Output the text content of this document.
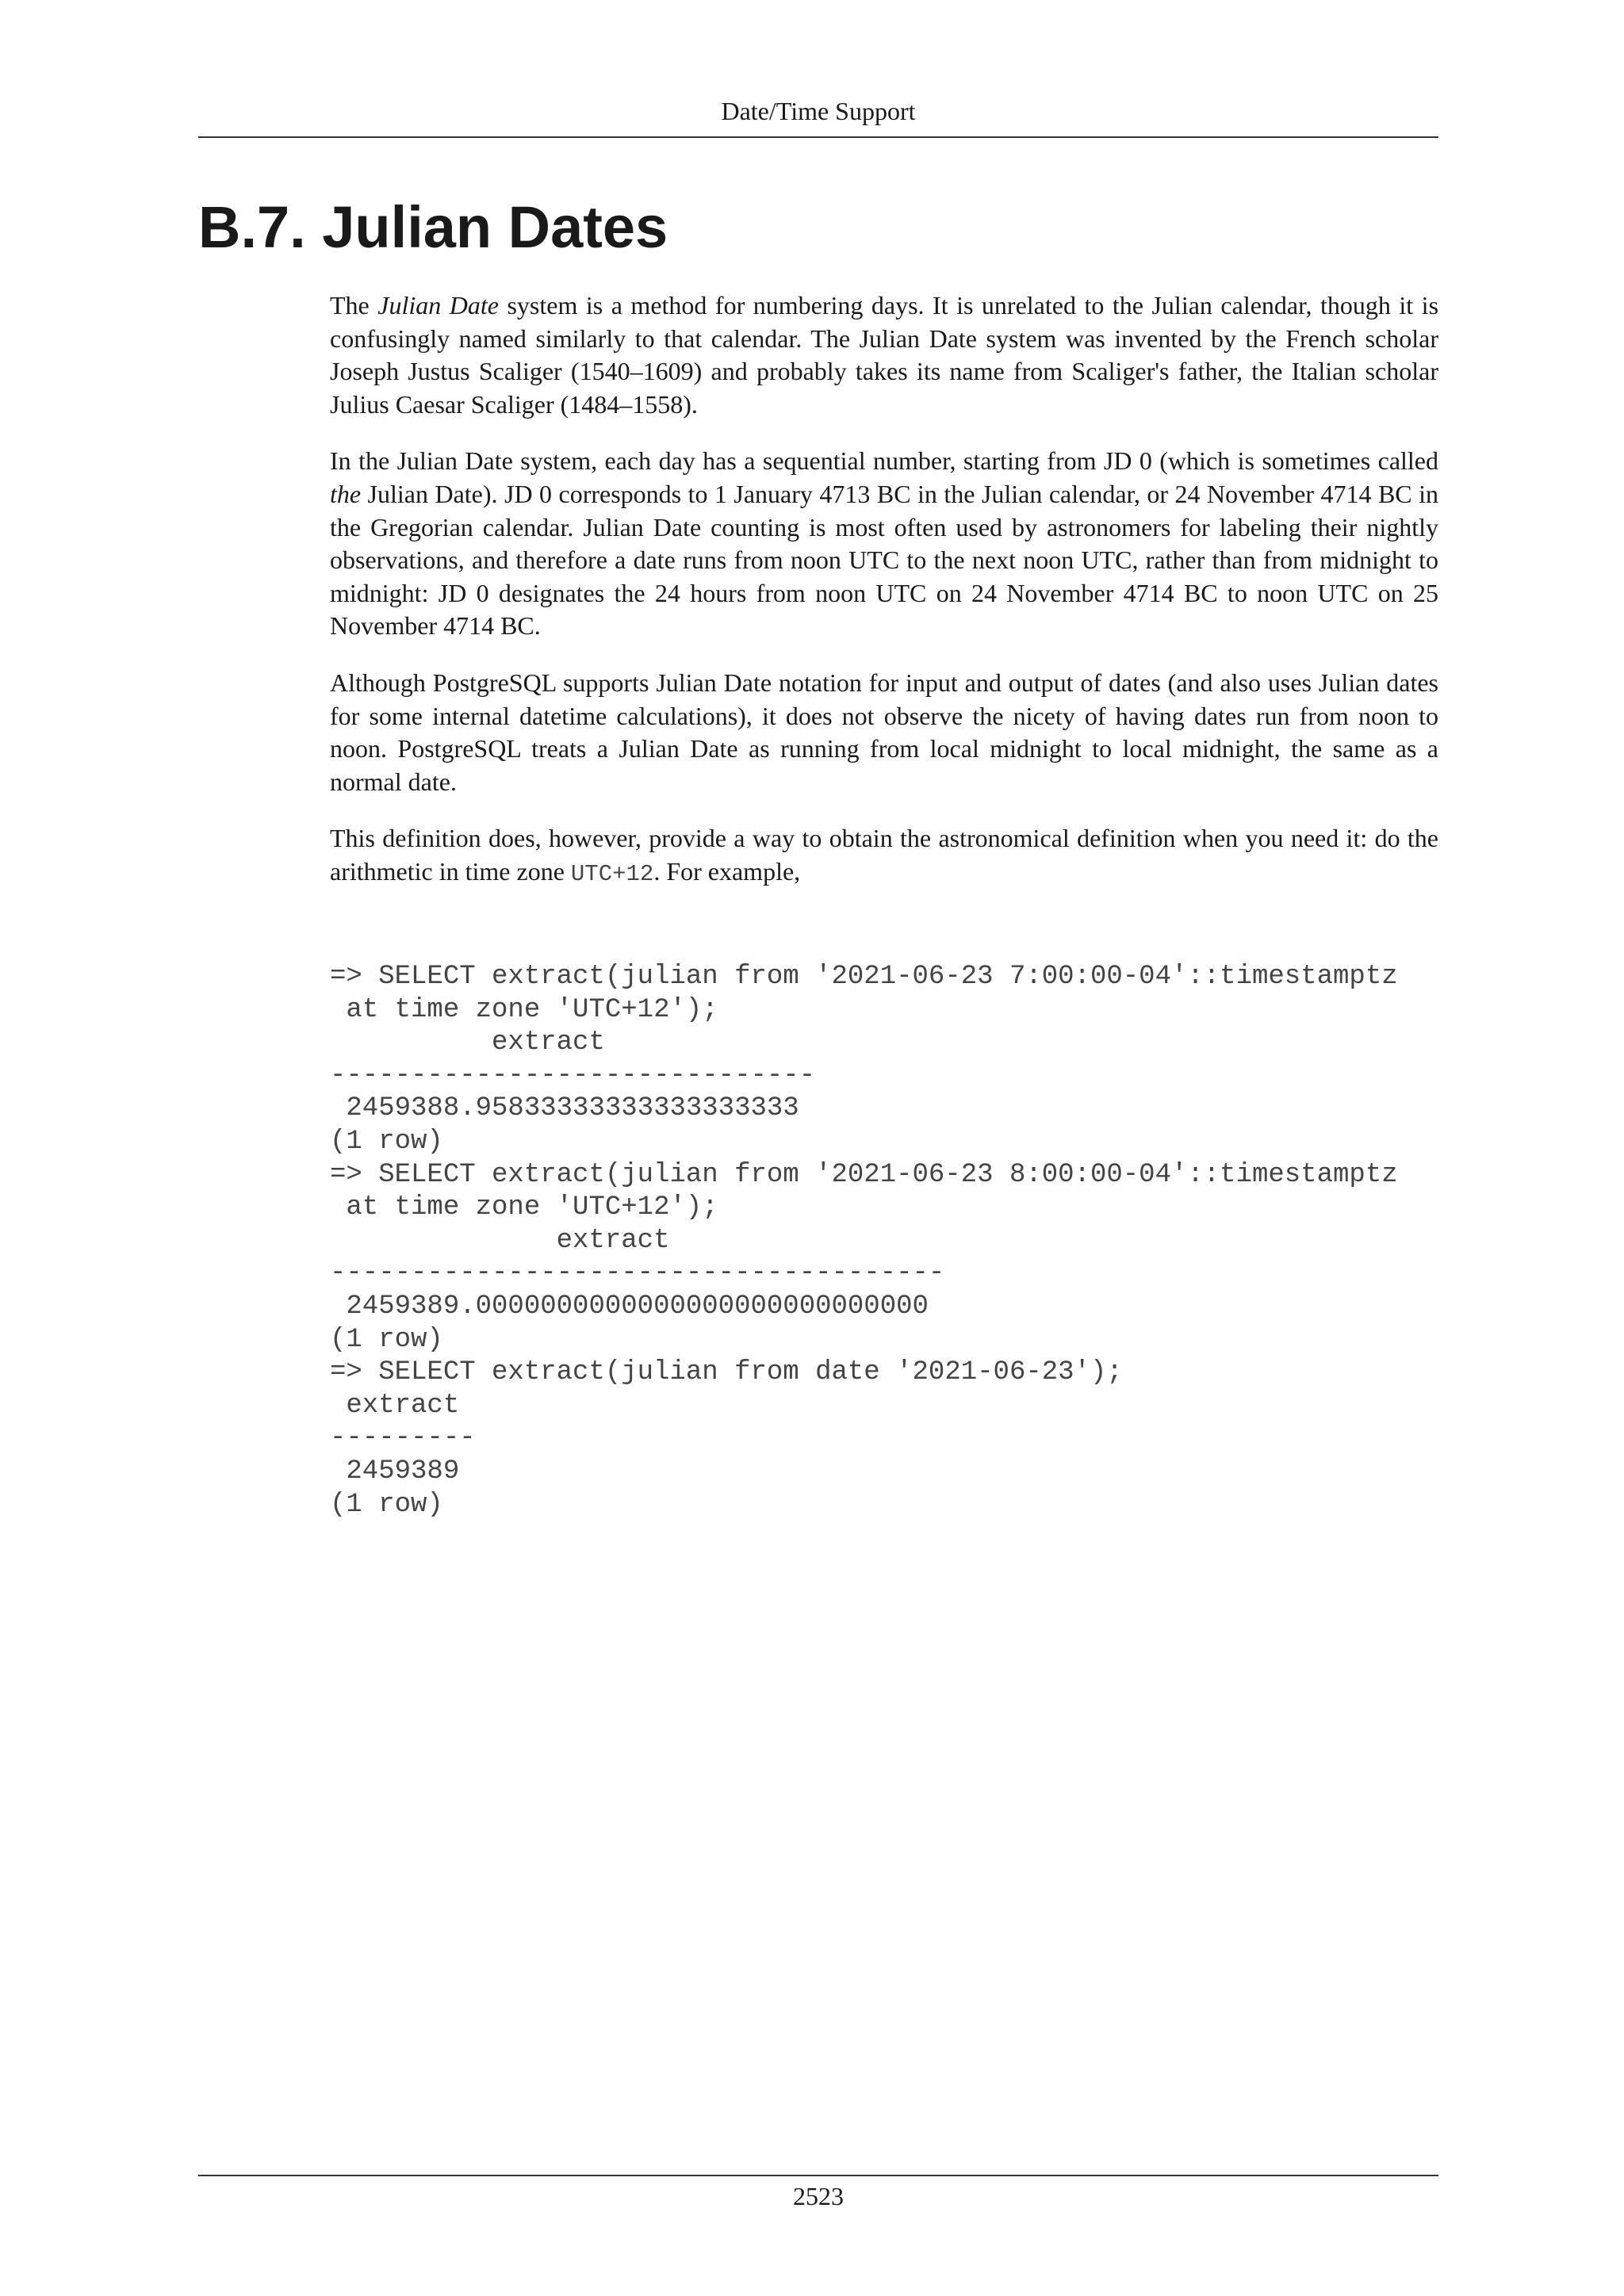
Date/Time Support
B.7. Julian Dates

The Julian Date system is a method for numbering days. It is unrelated to the Julian calendar, though it is confusingly named similarly to that calendar. The Julian Date system was invented by the French scholar Joseph Justus Scaliger (1540–1609) and probably takes its name from Scaliger's father, the Italian scholar Julius Caesar Scaliger (1484–1558).

In the Julian Date system, each day has a sequential number, starting from JD 0 (which is sometimes called the Julian Date). JD 0 corresponds to 1 January 4713 BC in the Julian calendar, or 24 November 4714 BC in the Gregorian calendar. Julian Date counting is most often used by astronomers for labeling their nightly observations, and therefore a date runs from noon UTC to the next noon UTC, rather than from midnight to midnight: JD 0 designates the 24 hours from noon UTC on 24 November 4714 BC to noon UTC on 25 November 4714 BC.

Although PostgreSQL supports Julian Date notation for input and output of dates (and also uses Julian dates for some internal datetime calculations), it does not observe the nicety of having dates run from noon to noon. PostgreSQL treats a Julian Date as running from local midnight to local midnight, the same as a normal date.

This definition does, however, provide a way to obtain the astronomical definition when you need it: do the arithmetic in time zone UTC+12. For example,

=> SELECT extract(julian from '2021-06-23 7:00:00-04'::timestamptz
at time zone 'UTC+12');
extract
------------------------------
2459388.95833333333333333333
(1 row)
=> SELECT extract(julian from '2021-06-23 8:00:00-04'::timestamptz
at time zone 'UTC+12');
extract
--------------------------------------
2459389.0000000000000000000000000000
(1 row)
=> SELECT extract(julian from date '2021-06-23');
extract
---------
2459389
(1 row)
2523
